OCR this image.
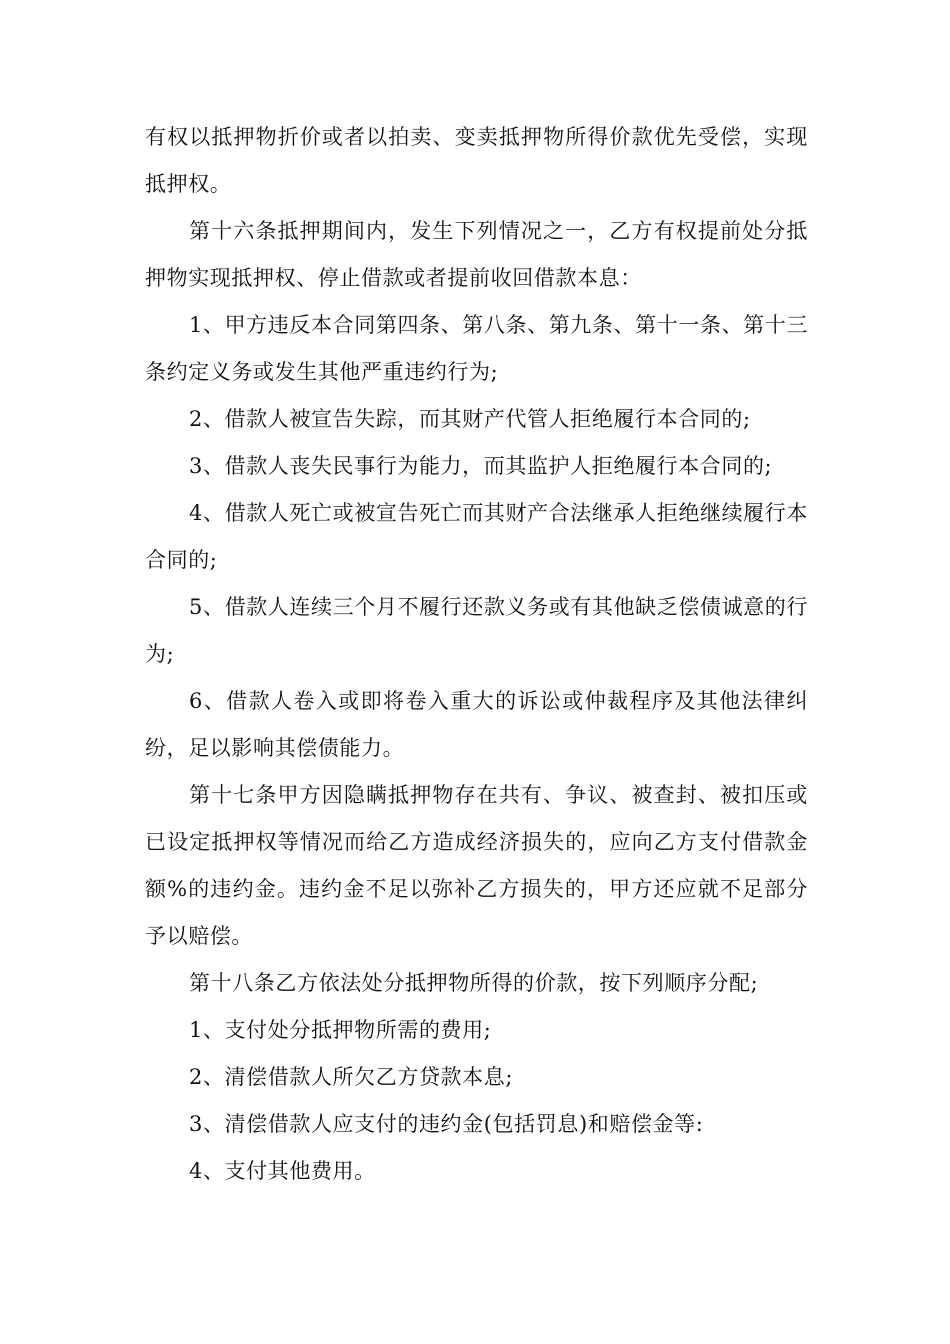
有权以抵押物折价或者以拍卖、变卖抵押物所得价款优先受偿，实现抵押权。

第十六条抵押期间内，发生下列情况之一，乙方有权提前处分抵押物实现抵押权、停止借款或者提前收回借款本息：

1、甲方违反本合同第四条、第八条、第九条、第十一条、第十三条约定义务或发生其他严重违约行为;

2、借款人被宣告失踪，而其财产代管人拒绝履行本合同的;

3、借款人丧失民事行为能力，而其监护人拒绝履行本合同的;

4、借款人死亡或被宣告死亡而其财产合法继承人拒绝继续履行本合同的;

5、借款人连续三个月不履行还款义务或有其他缺乏偿债诚意的行为;

6、借款人卷入或即将卷入重大的诉讼或仲裁程序及其他法律纠纷，足以影响其偿债能力。

第十七条甲方因隐瞒抵押物存在共有、争议、被查封、被扣压或已设定抵押权等情况而给乙方造成经济损失的，应向乙方支付借款金额%的违约金。违约金不足以弥补乙方损失的，甲方还应就不足部分予以赔偿。

第十八条乙方依法处分抵押物所得的价款，按下列顺序分配;

1、支付处分抵押物所需的费用;

2、清偿借款人所欠乙方贷款本息;

3、清偿借款人应支付的违约金(包括罚息)和赔偿金等:

4、支付其他费用。
